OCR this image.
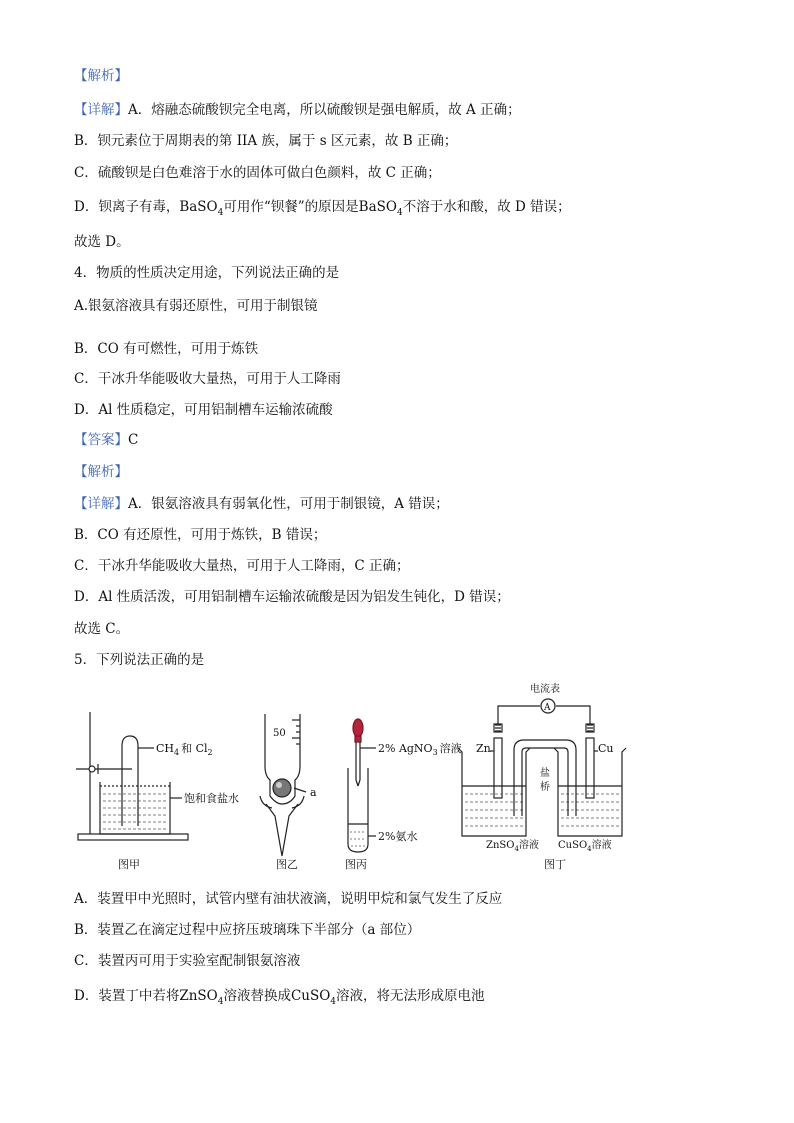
【解析】
【详解】A．熔融态硫酸钡完全电离，所以硫酸钡是强电解质，故 A 正确；
B．钡元素位于周期表的第 IIA 族，属于 s 区元素，故 B 正确；
C．硫酸钡是白色难溶于水的固体可做白色颜料，故 C 正确；
D．钡离子有毒，BaSO$_4$可用作“钡餐”的原因是BaSO$_4$不溶于水和酸，故 D 错误；
故选 D。
4．物质的性质决定用途，下列说法正确的是
A.银氨溶液具有弱还原性，可用于制银镜
B．CO 有可燃性，可用于炼铁
C．干冰升华能吸收大量热，可用于人工降雨
D．Al 性质稳定，可用铝制槽车运输浓硫酸
【答案】C
【解析】
【详解】A．银氨溶液具有弱氧化性，可用于制银镜，A 错误；
B．CO 有还原性，可用于炼铁，B 错误；
C．干冰升华能吸收大量热，可用于人工降雨，C 正确；
D．Al 性质活泼，可用铝制槽车运输浓硫酸是因为铝发生钝化，D 错误；
故选 C。
5．下列说法正确的是
$CH_4$ 和 $Cl_2$
饱和食盐水
图甲
50
a
图乙
2% AgNO$_3$ 溶液
2%氨水
图丙
电流表
A
Zn	Cu
盐
桥
ZnSO$_4$溶液 CuSO$_4$溶液
图丁
A．装置甲中光照时，试管内壁有油状液滴，说明甲烷和氯气发生了反应
B．装置乙在滴定过程中应挤压玻璃珠下半部分（a 部位）
C．装置丙可用于实验室配制银氨溶液
D．装置丁中若将ZnSO$_4$溶液替换成CuSO$_4$溶液，将无法形成原电池
